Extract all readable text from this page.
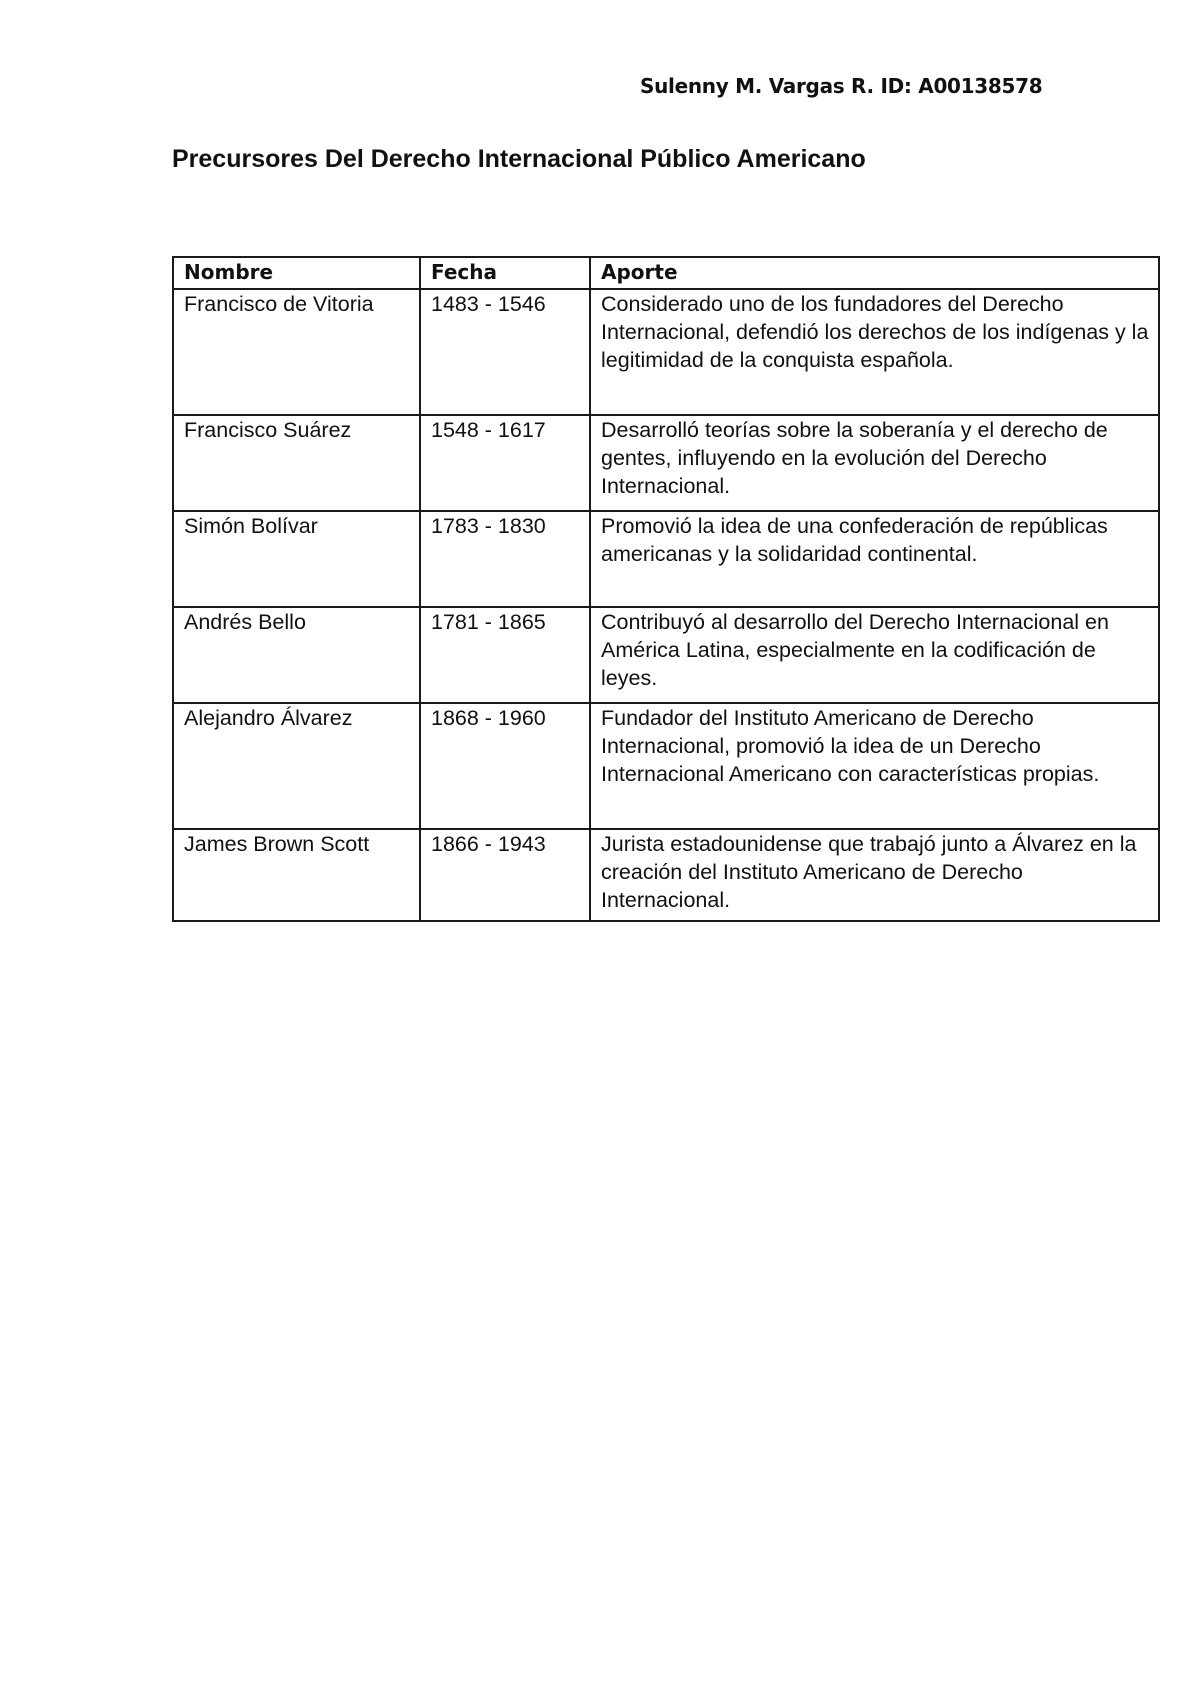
Sulenny M. Vargas R. ID: A00138578
Precursores Del Derecho Internacional Público Americano
Nombre	Fecha	Aporte
Francisco de Vitoria	1483 - 1546	Considerado uno de los fundadores del Derecho Internacional, defendió los derechos de los indígenas y la legitimidad de la conquista española.
Francisco Suárez	1548 - 1617	Desarrolló teorías sobre la soberanía y el derecho de gentes, influyendo en la evolución del Derecho Internacional.
Simón Bolívar	1783 - 1830	Promovió la idea de una confederación de repúblicas americanas y la solidaridad continental.
Andrés Bello	1781 - 1865	Contribuyó al desarrollo del Derecho Internacional en América Latina, especialmente en la codificación de leyes.
Alejandro Álvarez	1868 - 1960	Fundador del Instituto Americano de Derecho Internacional, promovió la idea de un Derecho Internacional Americano con características propias.
James Brown Scott	1866 - 1943	Jurista estadounidense que trabajó junto a Álvarez en la creación del Instituto Americano de Derecho Internacional.
